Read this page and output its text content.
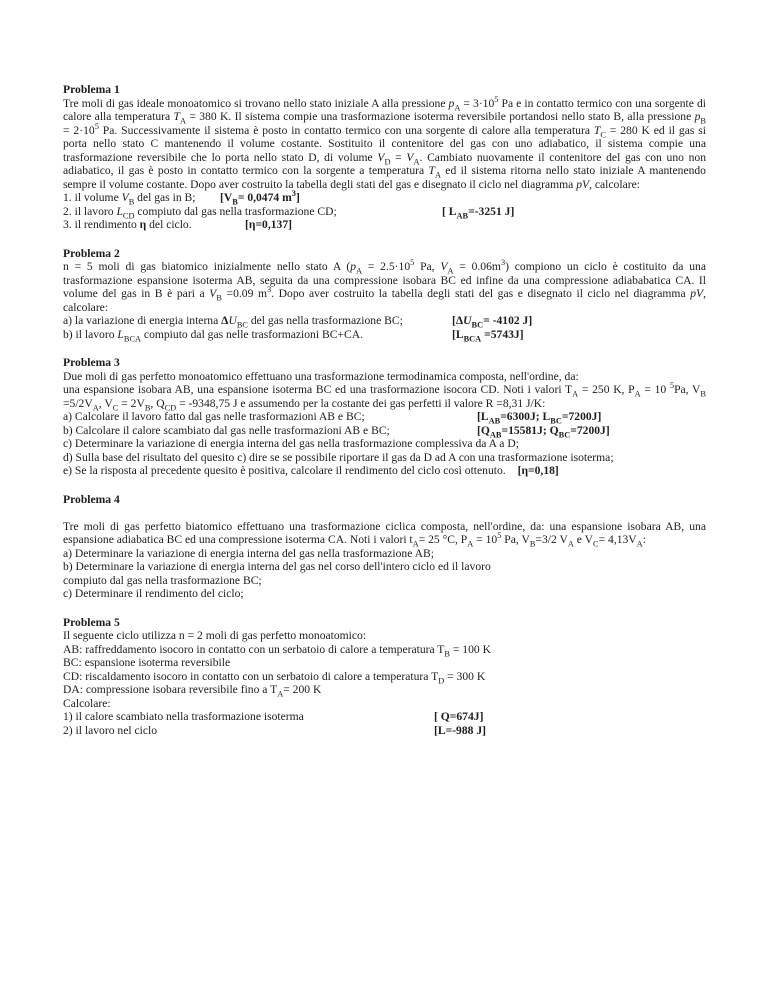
Problema 1

Tre moli di gas ideale monoatomico si trovano nello stato iniziale A alla pressione $p_A = 3\cdot 10^5$ Pa e in contatto termico con una sorgente di calore alla temperatura $T_A = 380$ K. Il sistema compie una trasformazione isoterma reversibile portandosi nello stato B, alla pressione $p_B = 2\cdot 10^5$ Pa. Successivamente il sistema è posto in contatto termico con una sorgente di calore alla temperatura $T_C = 280$ K ed il gas si porta nello stato C mantenendo il volume costante. Sostituito il contenitore del gas con uno adiabatico, il sistema compie una trasformazione reversibile che lo porta nello stato D, di volume $V_D = V_A$. Cambiato nuovamente il contenitore del gas con uno non adiabatico, il gas è posto in contatto termico con la sorgente a temperatura $T_A$ ed il sistema ritorna nello stato iniziale A mantenendo sempre il volume costante. Dopo aver costruito la tabella degli stati del gas e disegnato il ciclo nel diagramma pV, calcolare:

1. il volume $V_B$ del gas in B; [$V_B= 0,0474$ $m^3$]
2. il lavoro $L_{CD}$ compiuto dal gas nella trasformazione CD;	[ $L_{AB}=-3251$ J]
3. il rendimento η del ciclo.	[η=0,137]
Problema 2

n = 5 moli di gas biatomico inizialmente nello stato A ($p_A = 2.5\cdot 10^5$ Pa, $V_A = 0.06m^3$) compiono un ciclo è costituito da una trasformazione espansione isoterma AB, seguita da una compressione isobara BC ed infine da una compressione adiababatica CA. Il volume del gas in B è pari a $V_B =0.09$ $m^3$. Dopo aver costruito la tabella degli stati del gas e disegnato il ciclo nel diagramma pV, calcolare:

a) la variazione di energia interna $\Delta U_{BC}$ del gas nella trasformazione BC;	[$\Delta U_{BC}= -4102$ J]
b) il lavoro $L_{BCA}$ compiuto dal gas nelle trasformazioni BC+CA.	$[L_{BCA} =5743J]$
Problema 3

Due moli di gas perfetto monoatomico effettuano una trasformazione termodinamica composta, nell'ordine, da:
una espansione isobara AB, una espansione isoterma BC ed una trasformazione isocora CD. Noti i valori $T_A = 250$ K, $P_A = 10$ $^5$Pa, $V_B =5/2V_A$, $V_C = 2V_B$, $Q_{CD} = -9348,75$ J e assumendo per la costante dei gas perfetti il valore R =8,31 J/K:

a) Calcolare il lavoro fatto dal gas nelle trasformazioni AB e BC;	[$L_{AB}=6300J$; $L_{BC}=7200J$]
b) Calcolare il calore scambiato dal gas nelle trasformazioni AB e BC;	[$Q_{AB}=15581J$; $Q_{BC}=7200J$]
c) Determinare la variazione di energia interna del gas nella trasformazione complessiva da A a D;
d) Sulla base del risultato del quesito c) dire se se possibile riportare il gas da D ad A con una trasformazione isoterma;
e) Se la risposta al precedente quesito è positiva, calcolare il rendimento del ciclo così ottenuto. [η=0,18]
Problema 4

Tre moli di gas perfetto biatomico effettuano una trasformazione ciclica composta, nell'ordine, da: una espansione isobara AB, una espansione adiabatica BC ed una compressione isoterma CA. Noti i valori $t_A= 25$ °C, $P_A = 10^5$ Pa, $V_B=3/2$ $V_A$ e $V_C= 4,13V_A$:

a) Determinare la variazione di energia interna del gas nella trasformazione AB;
b) Determinare la variazione di energia interna del gas nel corso dell'intero ciclo ed il lavoro
compiuto dal gas nella trasformazione BC;
c) Determinare il rendimento del ciclo;
Problema 5
Il seguente ciclo utilizza n = 2 moli di gas perfetto monoatomico:
AB: raffreddamento isocoro in contatto con un serbatoio di calore a temperatura $T_B = 100$ K
BC: espansione isoterma reversibile
CD: riscaldamento isocoro in contatto con un serbatoio di calore a temperatura $T_D = 300$ K
DA: compressione isobara reversibile fino a $T_A= 200$ K
Calcolare:
1) il calore scambiato nella trasformazione isoterma	[ Q=674J]
2) il lavoro nel ciclo	[L=-988 J]
